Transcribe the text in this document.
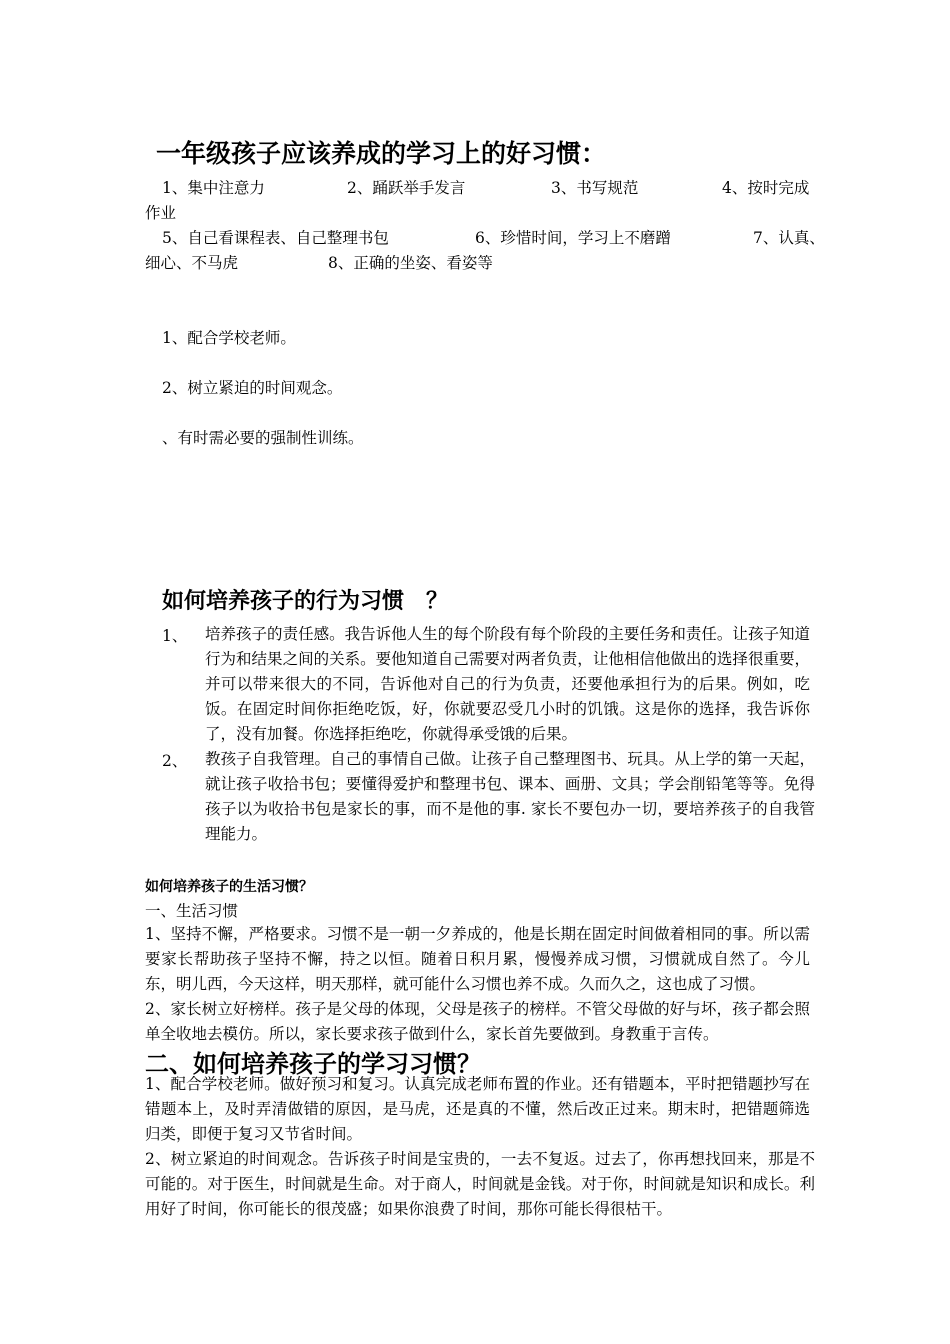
一年级孩子应该养成的学习上的好习惯：
1、集中注意力	2、踊跃举手发言	3、书写规范	4、按时完成
作业
5、自己看课程表、自己整理书包	6、珍惜时间，学习上不磨蹭	7、认真、
细心、不马虎	8、正确的坐姿、看姿等
1、配合学校老师。
2、树立紧迫的时间观念。
、有时需必要的强制性训练。
如何培养孩子的行为习惯　？
1、 培养孩子的责任感。我告诉他人生的每个阶段有每个阶段的主要任务和责任。让孩子知道行为和结果之间的关系。要他知道自己需要对两者负责，让他相信他做出的选择很重要，并可以带来很大的不同，告诉他对自己的行为负责，还要他承担行为的后果。例如，吃饭。在固定时间你拒绝吃饭，好，你就要忍受几小时的饥饿。这是你的选择，我告诉你了，没有加餐。你选择拒绝吃，你就得承受饿的后果。
2、 教孩子自我管理。自己的事情自己做。让孩子自己整理图书、玩具。从上学的第一天起，就让孩子收拾书包；要懂得爱护和整理书包、课本、画册、文具；学会削铅笔等等。免得孩子以为收拾书包是家长的事，而不是他的事. 家长不要包办一切，要培养孩子的自我管理能力。
如何培养孩子的生活习惯？
一、生活习惯
1、坚持不懈，严格要求。习惯不是一朝一夕养成的，他是长期在固定时间做着相同的事。所以需要家长帮助孩子坚持不懈，持之以恒。随着日积月累，慢慢养成习惯，习惯就成自然了。今儿东，明儿西，今天这样，明天那样，就可能什么习惯也养不成。久而久之，这也成了习惯。
2、家长树立好榜样。孩子是父母的体现，父母是孩子的榜样。不管父母做的好与坏，孩子都会照单全收地去模仿。所以，家长要求孩子做到什么，家长首先要做到。身教重于言传。
二、如何培养孩子的学习习惯？
1、配合学校老师。做好预习和复习。认真完成老师布置的作业。还有错题本，平时把错题抄写在错题本上，及时弄清做错的原因，是马虎，还是真的不懂，然后改正过来。期末时，把错题筛选归类，即便于复习又节省时间。
2、树立紧迫的时间观念。告诉孩子时间是宝贵的，一去不复返。过去了，你再想找回来，那是不可能的。对于医生，时间就是生命。对于商人，时间就是金钱。对于你，时间就是知识和成长。利用好了时间，你可能长的很茂盛；如果你浪费了时间，那你可能长得很枯干。
